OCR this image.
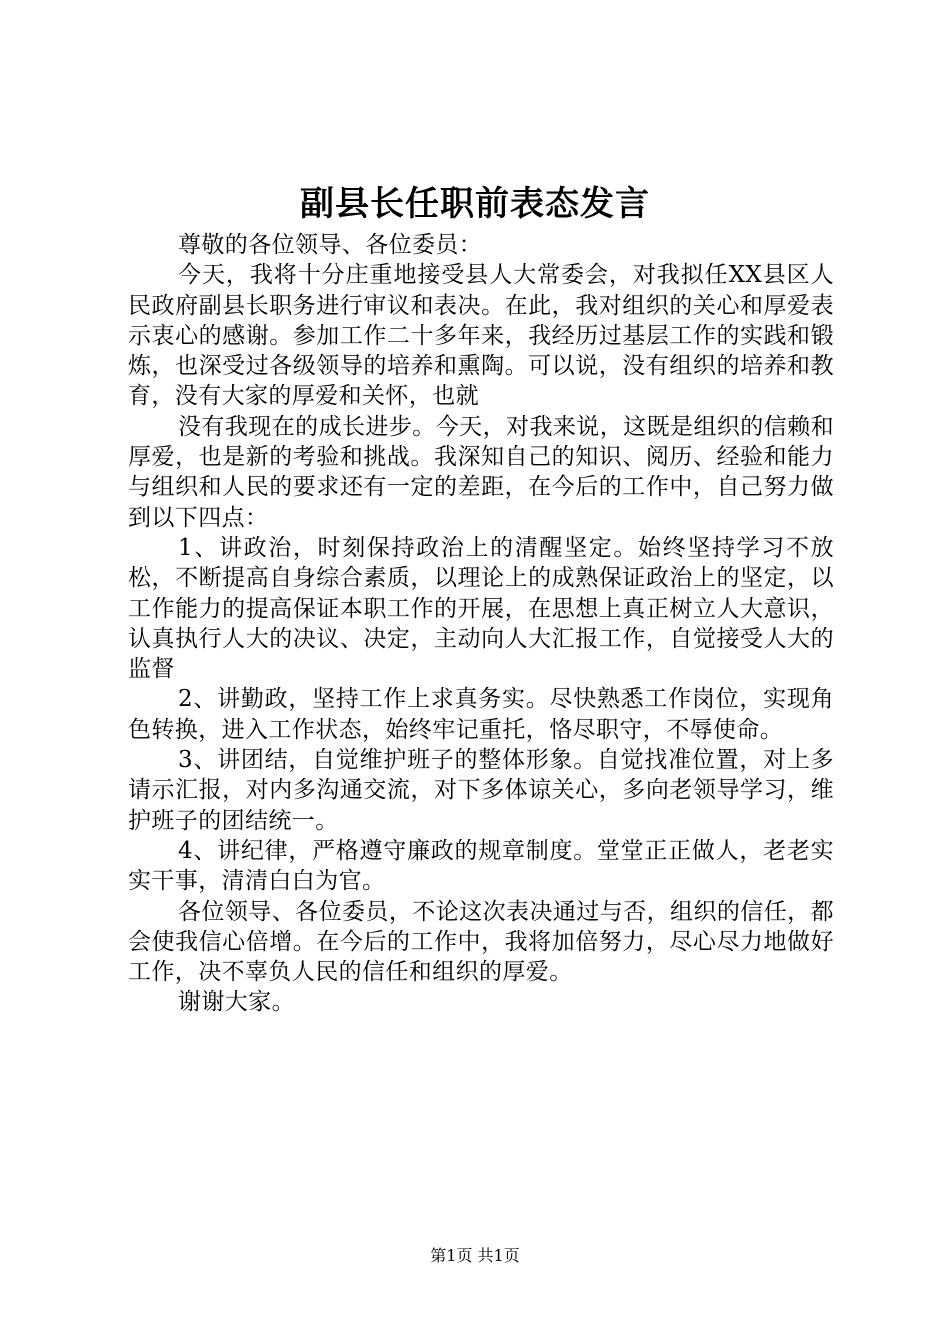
副县长任职前表态发言

尊敬的各位领导、各位委员：

今天，我将十分庄重地接受县人大常委会，对我拟任XX县区人民政府副县长职务进行审议和表决。在此，我对组织的关心和厚爱表示衷心的感谢。参加工作二十多年来，我经历过基层工作的实践和锻炼，也深受过各级领导的培养和熏陶。可以说，没有组织的培养和教育，没有大家的厚爱和关怀，也就

没有我现在的成长进步。今天，对我来说，这既是组织的信赖和厚爱，也是新的考验和挑战。我深知自己的知识、阅历、经验和能力与组织和人民的要求还有一定的差距，在今后的工作中，自己努力做到以下四点：

1、讲政治，时刻保持政治上的清醒坚定。始终坚持学习不放松，不断提高自身综合素质，以理论上的成熟保证政治上的坚定，以工作能力的提高保证本职工作的开展，在思想上真正树立人大意识，认真执行人大的决议、决定，主动向人大汇报工作，自觉接受人大的监督

2、讲勤政，坚持工作上求真务实。尽快熟悉工作岗位，实现角色转换，进入工作状态，始终牢记重托，恪尽职守，不辱使命。

3、讲团结，自觉维护班子的整体形象。自觉找准位置，对上多请示汇报，对内多沟通交流，对下多体谅关心，多向老领导学习，维护班子的团结统一。

4、讲纪律，严格遵守廉政的规章制度。堂堂正正做人，老老实实干事，清清白白为官。

各位领导、各位委员，不论这次表决通过与否，组织的信任，都会使我信心倍增。在今后的工作中，我将加倍努力，尽心尽力地做好工作，决不辜负人民的信任和组织的厚爱。

谢谢大家。

第1页 共1页
